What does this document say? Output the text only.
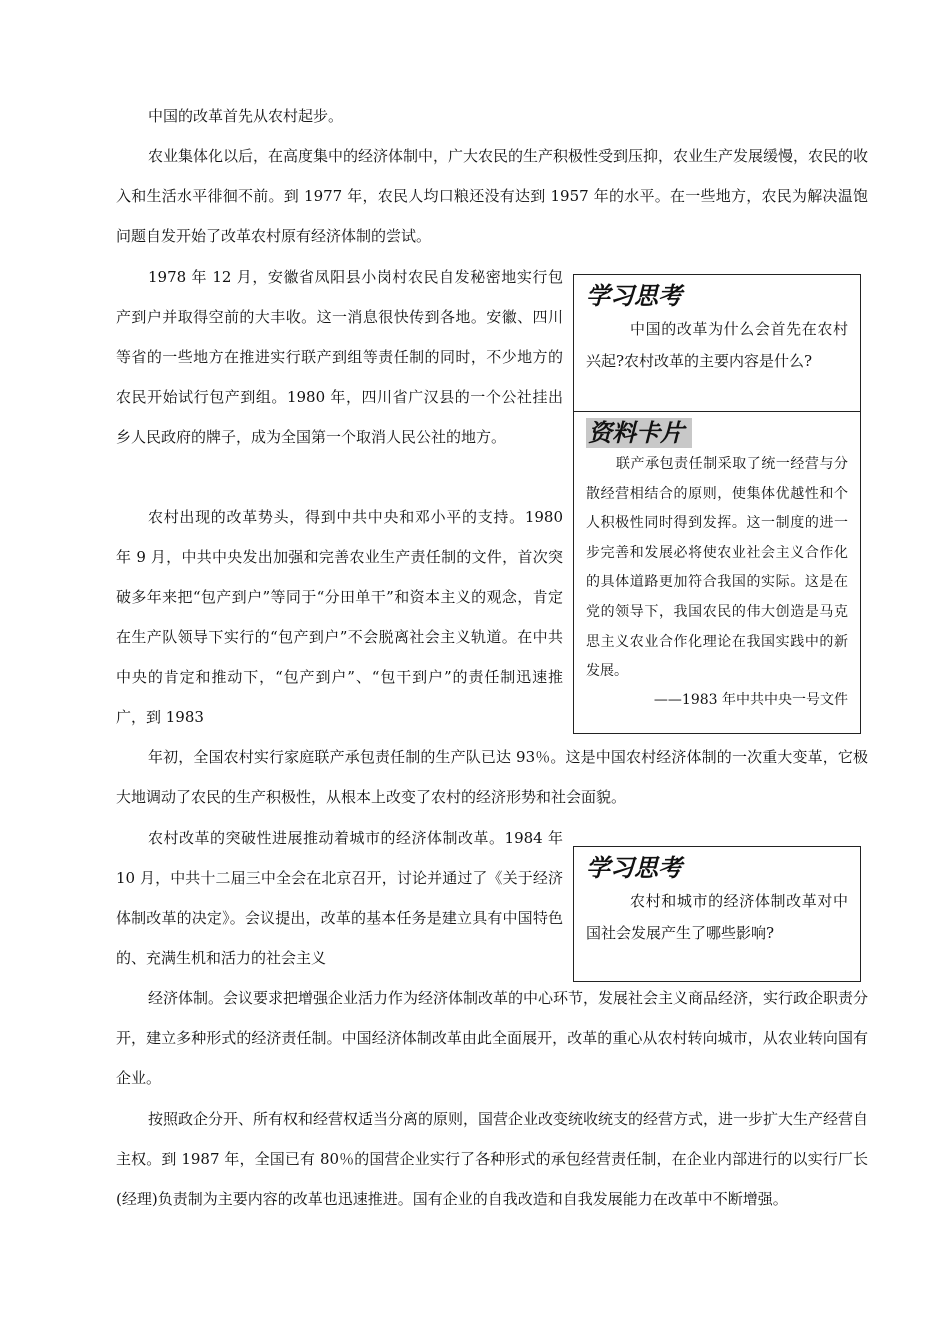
中国的改革首先从农村起步。

农业集体化以后，在高度集中的经济体制中，广大农民的生产积极性受到压抑，农业生产发展缓慢，农民的收入和生活水平徘徊不前。到 1977 年，农民人均口粮还没有达到 1957 年的水平。在一些地方，农民为解决温饱问题自发开始了改革农村原有经济体制的尝试。

1978 年 12 月，安徽省凤阳县小岗村农民自发秘密地实行包产到户并取得空前的大丰收。这一消息很快传到各地。安徽、四川等省的一些地方在推进实行联产到组等责任制的同时，不少地方的农民开始试行包产到组。1980 年，四川省广汉县的一个公社挂出乡人民政府的牌子，成为全国第一个取消人民公社的地方。

农村出现的改革势头，得到中共中央和邓小平的支持。1980 年 9 月，中共中央发出加强和完善农业生产责任制的文件，首次突破多年来把“包产到户”等同于“分田单干”和资本主义的观念，肯定在生产队领导下实行的“包产到户”不会脱离社会主义轨道。在中共中央的肯定和推动下，“包产到户”、“包干到户”的责任制迅速推广，到 1983

年初，全国农村实行家庭联产承包责任制的生产队已达 93％。这是中国农村经济体制的一次重大变革，它极大地调动了农民的生产积极性，从根本上改变了农村的经济形势和社会面貌。

农村改革的突破性进展推动着城市的经济体制改革。1984 年 10 月，中共十二届三中全会在北京召开，讨论并通过了《关于经济体制改革的决定》。会议提出，改革的基本任务是建立具有中国特色的、充满生机和活力的社会主义

经济体制。会议要求把增强企业活力作为经济体制改革的中心环节，发展社会主义商品经济，实行政企职责分开，建立多种形式的经济责任制。中国经济体制改革由此全面展开，改革的重心从农村转向城市，从农业转向国有企业。

按照政企分开、所有权和经营权适当分离的原则，国营企业改变统收统支的经营方式，进一步扩大生产经营自主权。到 1987 年，全国已有 80％的国营企业实行了各种形式的承包经营责任制，在企业内部进行的以实行厂长(经理)负责制为主要内容的改革也迅速推进。国有企业的自我改造和自我发展能力在改革中不断增强。

学习思考
中国的改革为什么会首先在农村兴起?农村改革的主要内容是什么?
资料卡片
联产承包责任制采取了统一经营与分散经营相结合的原则，使集体优越性和个人积极性同时得到发挥。这一制度的进一步完善和发展必将使农业社会主义合作化的具体道路更加符合我国的实际。这是在党的领导下，我国农民的伟大创造是马克思主义农业合作化理论在我国实践中的新发展。
——1983 年中共中央一号文件
学习思考
农村和城市的经济体制改革对中国社会发展产生了哪些影响?
